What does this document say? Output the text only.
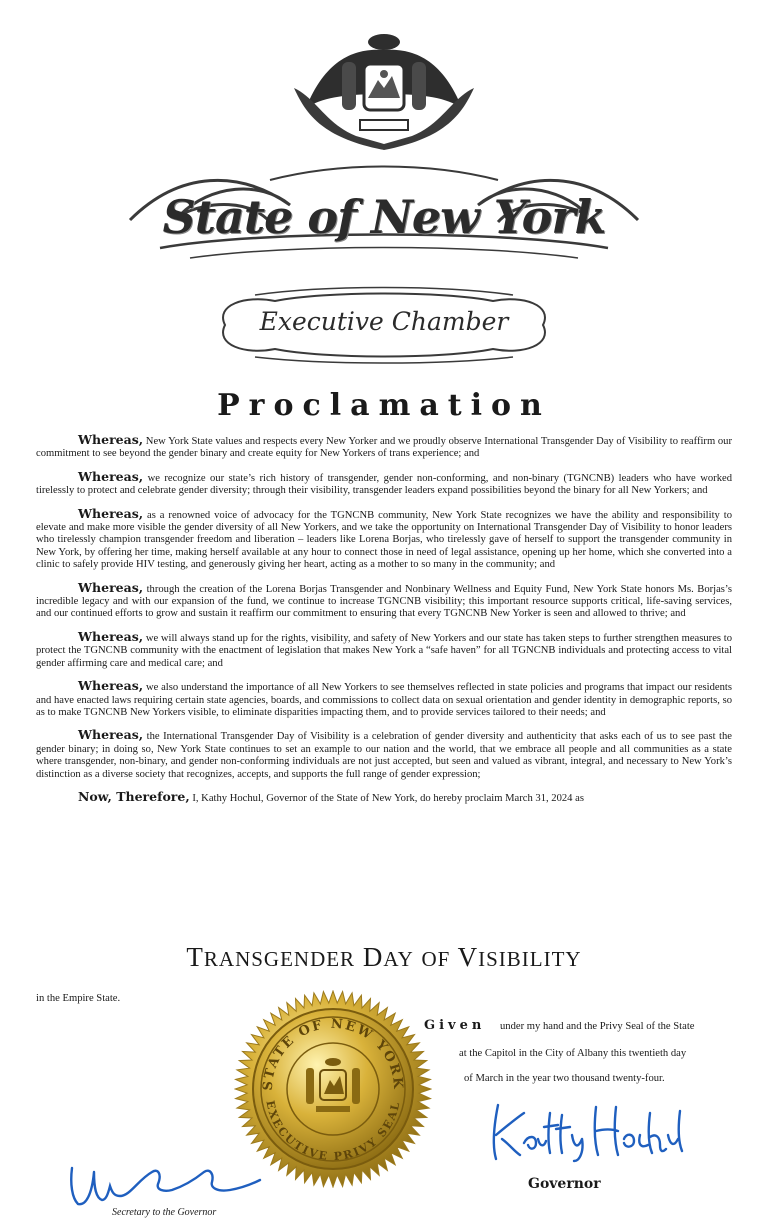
State of New York
Executive Chamber
Proclamation

Whereas, New York State values and respects every New Yorker and we proudly observe International Transgender Day of Visibility to reaffirm our commitment to see beyond the gender binary and create equity for New Yorkers of trans experience; and

Whereas, we recognize our state’s rich history of transgender, gender non-conforming, and non-binary (TGNCNB) leaders who have worked tirelessly to protect and celebrate gender diversity; through their visibility, transgender leaders expand possibilities beyond the binary for all New Yorkers; and

Whereas, as a renowned voice of advocacy for the TGNCNB community, New York State recognizes we have the ability and responsibility to elevate and make more visible the gender diversity of all New Yorkers, and we take the opportunity on International Transgender Day of Visibility to honor leaders who tirelessly champion transgender freedom and liberation – leaders like Lorena Borjas, who tirelessly gave of herself to support the transgender community in New York, by offering her time, making herself available at any hour to connect those in need of legal assistance, opening up her home, which she converted into a clinic to safely provide HIV testing, and generously giving her heart, acting as a mother to so many in the community; and

Whereas, through the creation of the Lorena Borjas Transgender and Nonbinary Wellness and Equity Fund, New York State honors Ms. Borjas’s incredible legacy and with our expansion of the fund, we continue to increase TGNCNB visibility; this important resource supports critical, life-saving services, and our continued efforts to grow and sustain it reaffirm our commitment to ensuring that every TGNCNB New Yorker is seen and allowed to thrive; and

Whereas, we will always stand up for the rights, visibility, and safety of New Yorkers and our state has taken steps to further strengthen measures to protect the TGNCNB community with the enactment of legislation that makes New York a “safe haven” for all TGNCNB individuals and protecting access to vital gender affirming care and medical care; and

Whereas, we also understand the importance of all New Yorkers to see themselves reflected in state policies and programs that impact our residents and have enacted laws requiring certain state agencies, boards, and commissions to collect data on sexual orientation and gender identity in demographic reports, so as to make TGNCNB New Yorkers visible, to eliminate disparities impacting them, and to provide services tailored to their needs; and

Whereas, the International Transgender Day of Visibility is a celebration of gender diversity and authenticity that asks each of us to see past the gender binary; in doing so, New York State continues to set an example to our nation and the world, that we embrace all people and all communities as a state where transgender, non-binary, and gender non-conforming individuals are not just accepted, but seen and valued as vibrant, integral, and necessary to New York’s distinction as a diverse society that recognizes, accepts, and supports the full range of gender expression;

Now, Therefore, I, Kathy Hochul, Governor of the State of New York, do hereby proclaim March 31, 2024 as

TRANSGENDER DAY OF VISIBILITY
in the Empire State.
STATE OF NEW YORK
EXECUTIVE PRIVY SEAL
Given under my hand and the Privy Seal of the State
at the Capitol in the City of Albany this twentieth day
of March in the year two thousand twenty-four.
Governor
Secretary to the Governor
